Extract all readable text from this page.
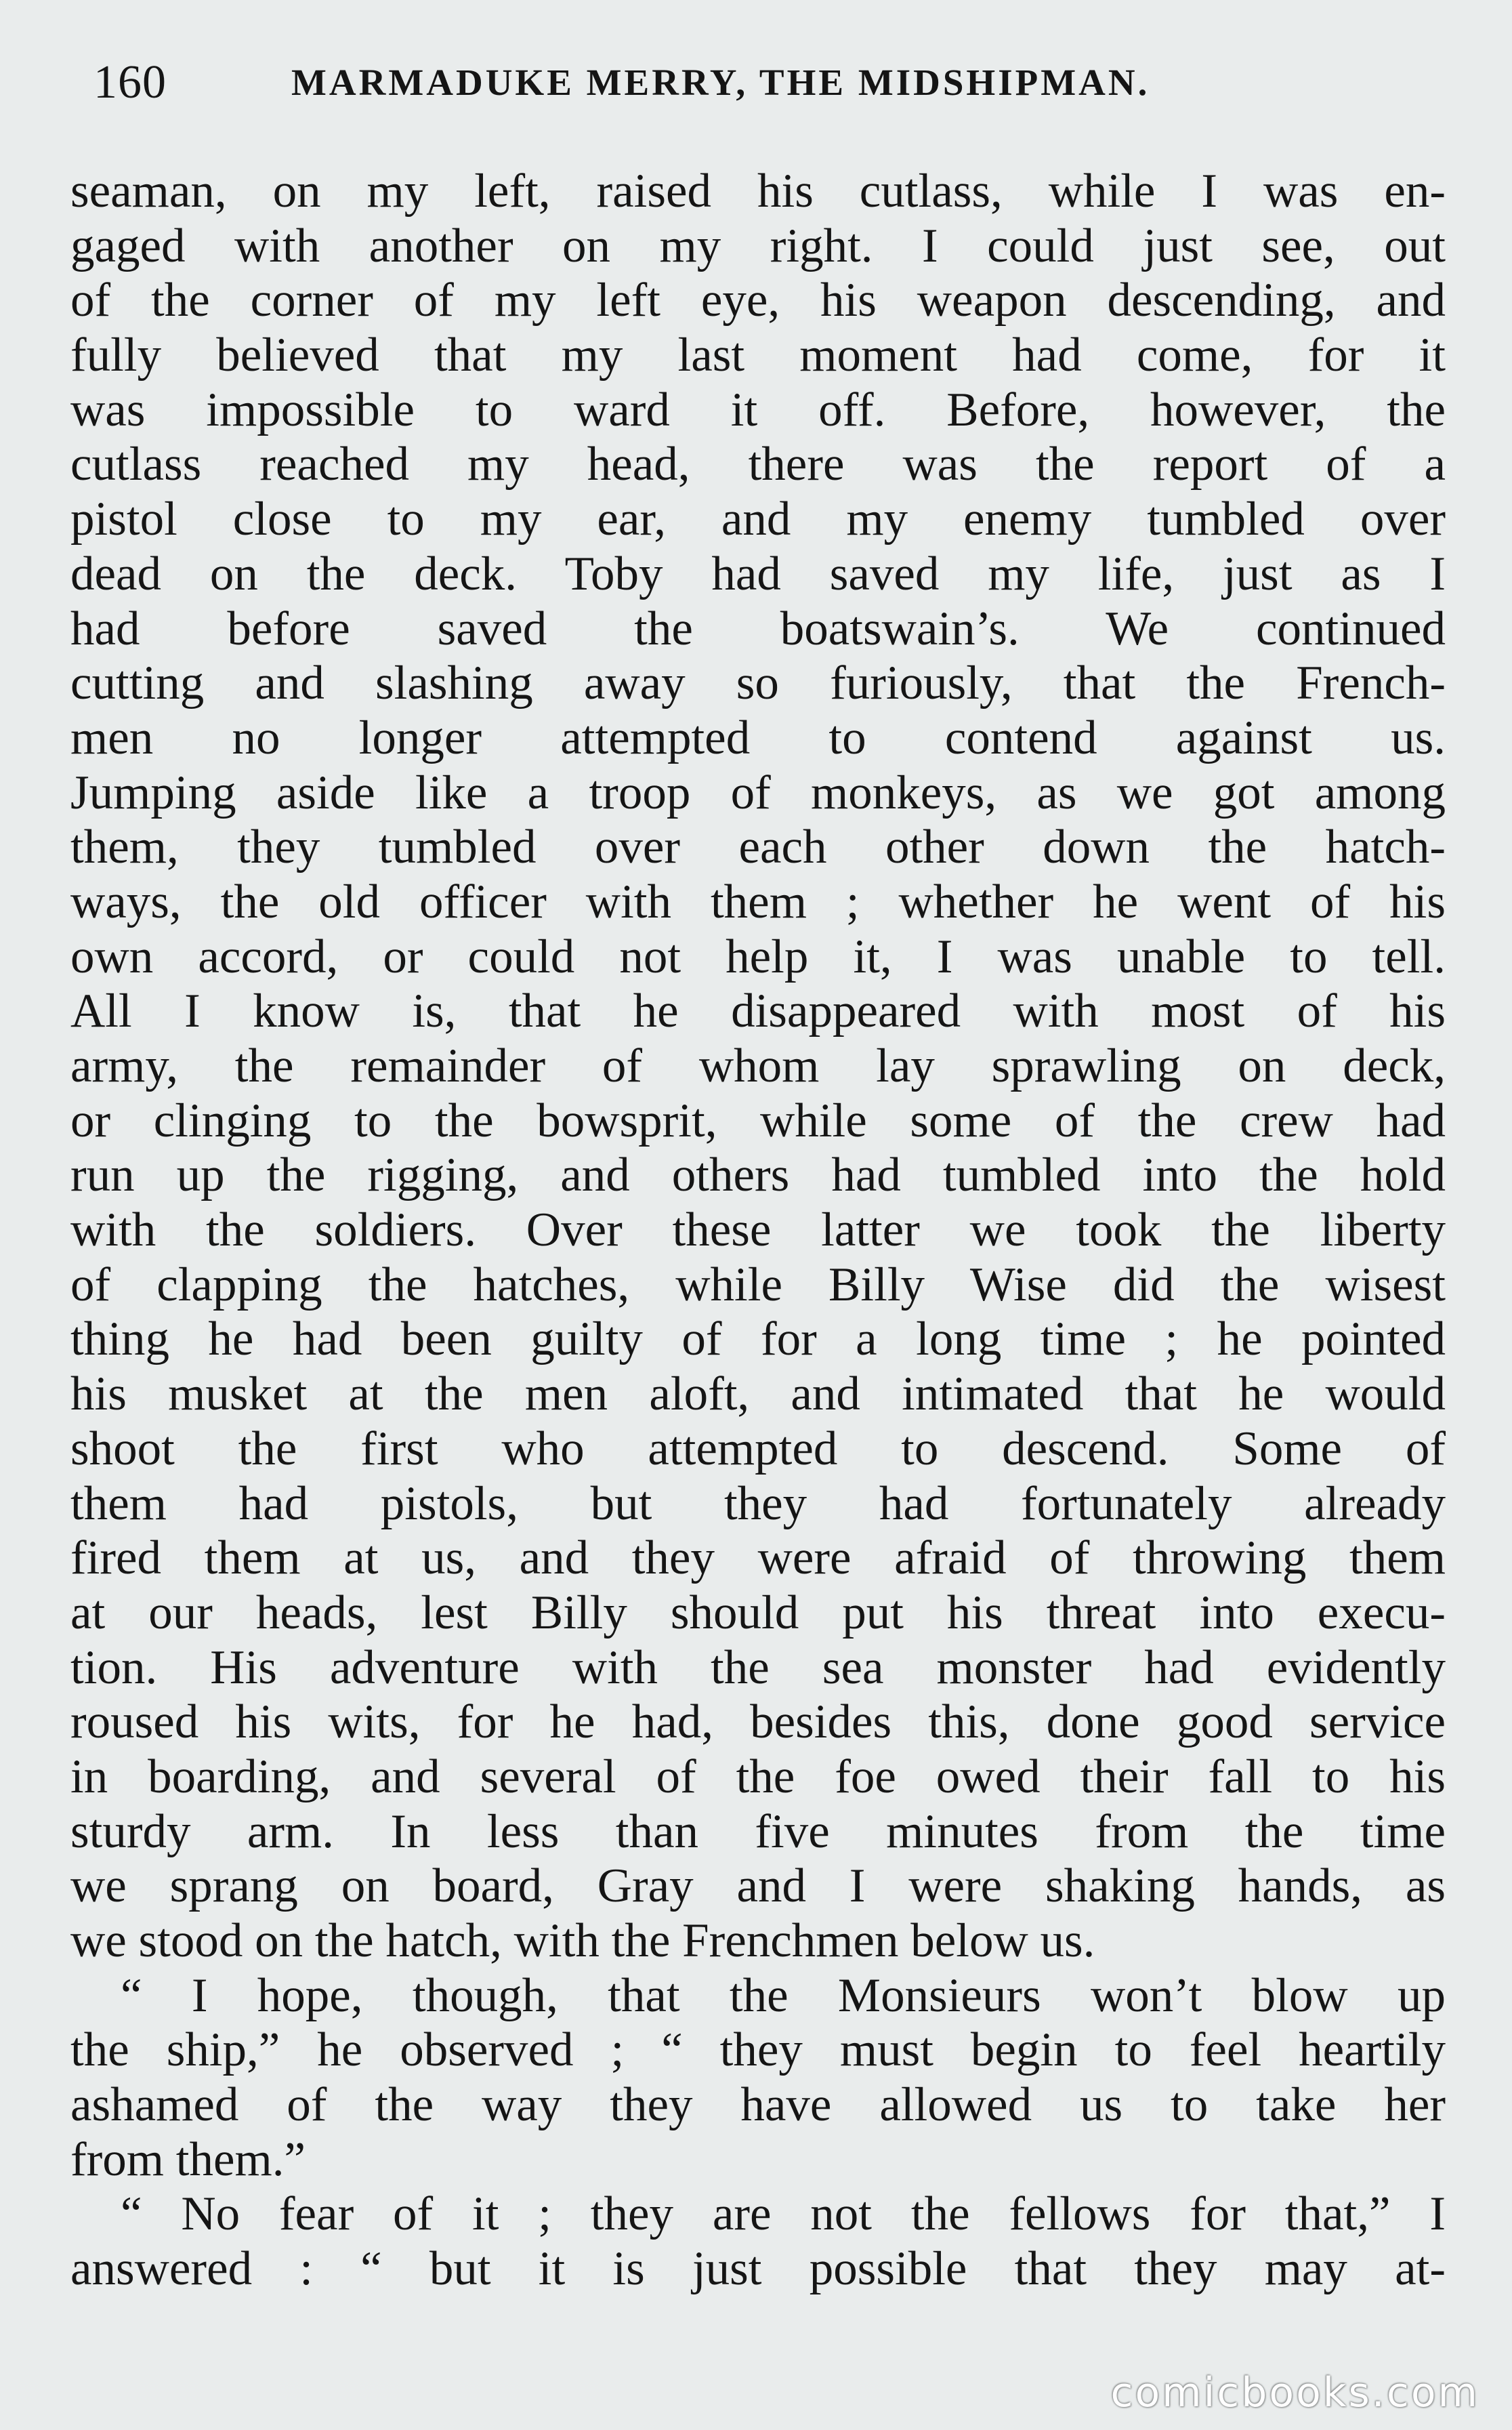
160	MARMADUKE MERRY, THE MIDSHIPMAN.
seaman, on my left, raised his cutlass, while I was en-
gaged with another on my right. I could just see, out
of the corner of my left eye, his weapon descending, and
fully believed that my last moment had come, for it
was impossible to ward it off. Before, however, the
cutlass reached my head, there was the report of a
pistol close to my ear, and my enemy tumbled over
dead on the deck. Toby had saved my life, just as I
had before saved the boatswain’s. We continued
cutting and slashing away so furiously, that the French-
men no longer attempted to contend against us.
Jumping aside like a troop of monkeys, as we got among
them, they tumbled over each other down the hatch-
ways, the old officer with them ; whether he went of his
own accord, or could not help it, I was unable to tell.
All I know is, that he disappeared with most of his
army, the remainder of whom lay sprawling on deck,
or clinging to the bowsprit, while some of the crew had
run up the rigging, and others had tumbled into the hold
with the soldiers. Over these latter we took the liberty
of clapping the hatches, while Billy Wise did the wisest
thing he had been guilty of for a long time ; he pointed
his musket at the men aloft, and intimated that he would
shoot the first who attempted to descend. Some of
them had pistols, but they had fortunately already
fired them at us, and they were afraid of throwing them
at our heads, lest Billy should put his threat into execu-
tion. His adventure with the sea monster had evidently
roused his wits, for he had, besides this, done good service
in boarding, and several of the foe owed their fall to his
sturdy arm. In less than five minutes from the time
we sprang on board, Gray and I were shaking hands, as
we stood on the hatch, with the Frenchmen below us.
“ I hope, though, that the Monsieurs won’t blow up
the ship,” he observed ; “ they must begin to feel heartily
ashamed of the way they have allowed us to take her
from them.”
“ No fear of it ; they are not the fellows for that,” I
answered : “ but it is just possible that they may at-
comicbooks.com
